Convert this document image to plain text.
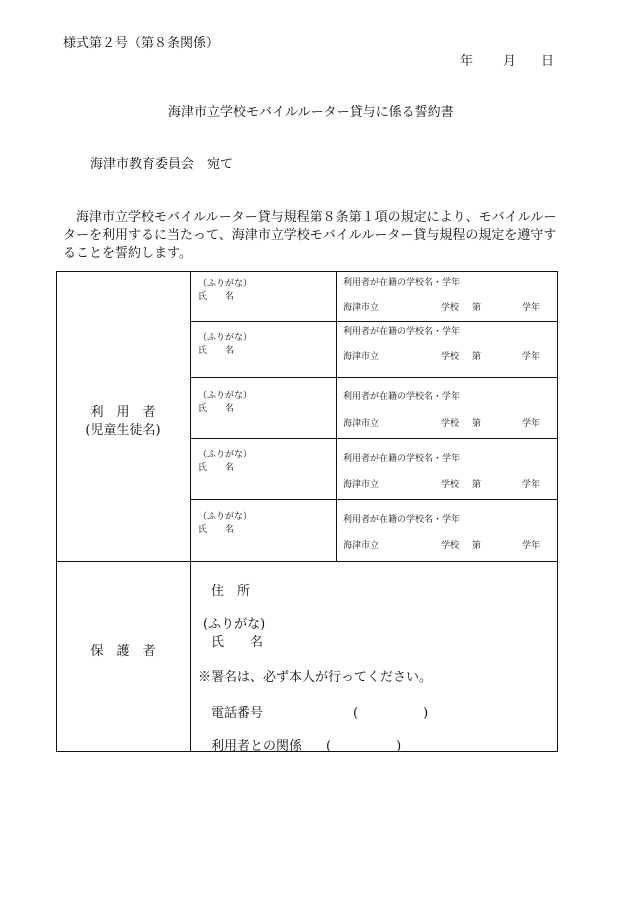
様式第２号（第８条関係）
年 月 日
海津市立学校モバイルルーター貸与に係る誓約書
海津市教育委員会　宛て
海津市立学校モバイルルーター貸与規程第８条第１項の規定により、モバイルルー
ターを利用するに当たって、海津市立学校モバイルルーター貸与規程の規定を遵守す
ることを誓約します。
利　用　者
(児童生徒名)
（ふりがな）
氏　　名
利用者が在籍の学校名・学年
海津市立	学校 第	学年
（ふりがな）
氏　　名
利用者が在籍の学校名・学年
海津市立	学校 第	学年
（ふりがな）
氏　　名
利用者が在籍の学校名・学年
海津市立	学校 第	学年
（ふりがな）
氏　　名
利用者が在籍の学校名・学年
海津市立	学校 第	学年
（ふりがな）
氏　　名
利用者が在籍の学校名・学年
海津市立	学校 第	学年
保　護　者
住　所
(ふりがな)
氏　　名
※署名は、必ず本人が行ってください。
電話番号	(　　　　　)
利用者との関係 (　　　　　)
